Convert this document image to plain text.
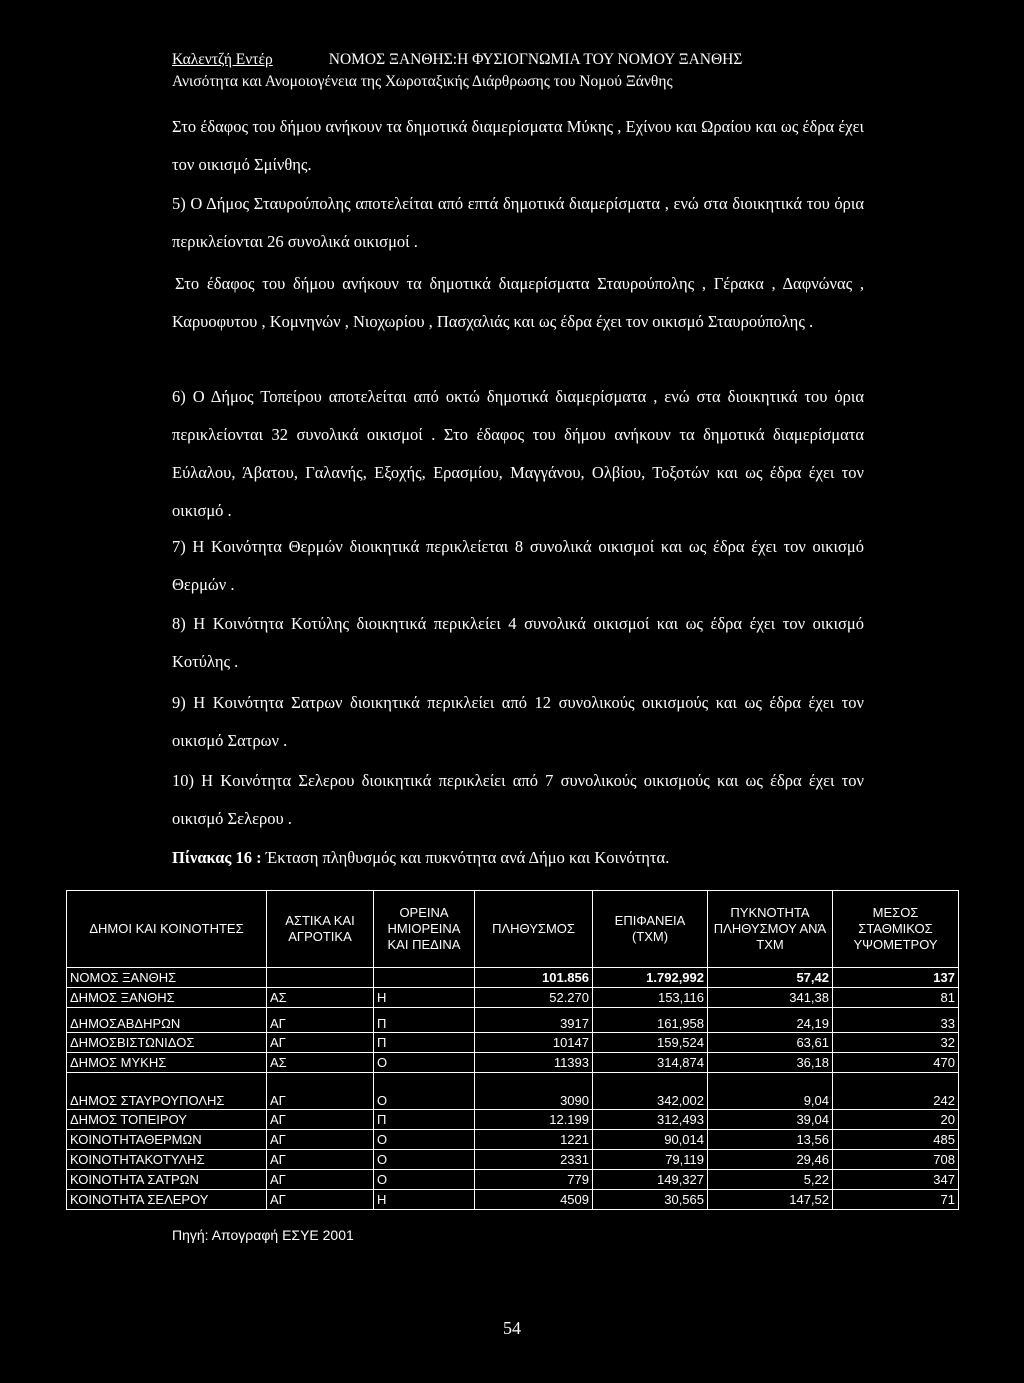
Καλεντζή Εντέρ	ΝΟΜΟΣ ΞΑΝΘΗΣ:Η ΦΥΣΙΟΓΝΩΜΙΑ ΤΟΥ ΝΟΜΟΥ ΞΑΝΘΗΣ
Ανισότητα και Ανομοιογένεια της Χωροταξικής Διάρθρωσης του Νομού Ξάνθης

Στο έδαφος του δήμου ανήκουν τα δημοτικά διαμερίσματα Μύκης , Εχίνου και Ωραίου και ως έδρα έχει τον οικισμό Σμίνθης.

5) Ο Δήμος Σταυρούπολης αποτελείται από επτά δημοτικά διαμερίσματα , ενώ στα διοικητικά του όρια περικλείονται 26 συνολικά οικισμοί .

Στο έδαφος του δήμου ανήκουν τα δημοτικά διαμερίσματα Σταυρούπολης , Γέρακα , Δαφνώνας , Καρυοφυτου , Κομνηνών , Νιοχωρίου , Πασχαλιάς και ως έδρα έχει τον οικισμό Σταυρούπολης .

6) Ο Δήμος Τοπείρου αποτελείται από οκτώ δημοτικά διαμερίσματα , ενώ στα διοικητικά του όρια περικλείονται 32 συνολικά οικισμοί . Στο έδαφος του δήμου ανήκουν τα δημοτικά διαμερίσματα Εύλαλου, Άβατου, Γαλανής, Εξοχής, Ερασμίου, Μαγγάνου, Ολβίου, Τοξοτών και ως έδρα έχει τον οικισμό .

7) Η Κοινότητα Θερμών διοικητικά περικλείεται 8 συνολικά οικισμοί και ως έδρα έχει τον οικισμό Θερμών .

8) Η Κοινότητα Κοτύλης διοικητικά περικλείει 4 συνολικά οικισμοί και ως έδρα έχει τον οικισμό Κοτύλης .

9) Η Κοινότητα Σατρων διοικητικά περικλείει από 12 συνολικούς οικισμούς και ως έδρα έχει τον οικισμό Σατρων .

10) Η Κοινότητα Σελερου διοικητικά περικλείει από 7 συνολικούς οικισμούς και ως έδρα έχει τον οικισμό Σελερου .

Πίνακας 16 : Έκταση πληθυσμός και πυκνότητα ανά Δήμο και Κοινότητα.
ΔΗΜΟΙ ΚΑΙ ΚΟΙΝΟΤΗΤΕΣ	ΑΣΤΙΚΑ ΚΑΙ ΑΓΡΟΤΙΚΑ	ΟΡΕΙΝΑ ΗΜΙΟΡΕΙΝΑ ΚΑΙ ΠΕΔΙΝΑ	ΠΛΗΘΥΣΜΟΣ	ΕΠΙΦΑΝΕΙΑ (ΤΧΜ)	ΠΥΚΝΟΤΗΤΑ ΠΛΗΘΥΣΜΟΥ ΑΝΆ ΤΧΜ	ΜΕΣΟΣ ΣΤΑΘΜΙΚΟΣ ΥΨΟΜΕΤΡΟΥ
ΝΟΜΟΣ ΞΑΝΘΗΣ			101.856	1.792,992	57,42	137
ΔΗΜΟΣ ΞΑΝΘΗΣ	ΑΣ	Η	52.270	153,116	341,38	81
ΔΗΜΟΣΑΒΔΗΡΩΝ	ΑΓ	Π	3917	161,958	24,19	33
ΔΗΜΟΣΒΙΣΤΩΝΙΔΟΣ	ΑΓ	Π	10147	159,524	63,61	32
ΔΗΜΟΣ ΜΥΚΗΣ	ΑΣ	Ο	11393	314,874	36,18	470
ΔΗΜΟΣ ΣΤΑΥΡΟΥΠΟΛΗΣ	ΑΓ	Ο	3090	342,002	9,04	242
ΔΗΜΟΣ ΤΟΠΕΙΡΟΥ	ΑΓ	Π	12.199	312,493	39,04	20
ΚΟΙΝΟΤΗΤΑΘΕΡΜΩΝ	ΑΓ	Ο	1221	90,014	13,56	485
ΚΟΙΝΟΤΗΤΑΚΟΤΥΛΗΣ	ΑΓ	Ο	2331	79,119	29,46	708
ΚΟΙΝΟΤΗΤΑ ΣΑΤΡΩΝ	ΑΓ	Ο	779	149,327	5,22	347
ΚΟΙΝΟΤΗΤΑ ΣΕΛΕΡΟΥ	ΑΓ	Η	4509	30,565	147,52	71
Πηγή: Απογραφή ΕΣΥΕ 2001
54
